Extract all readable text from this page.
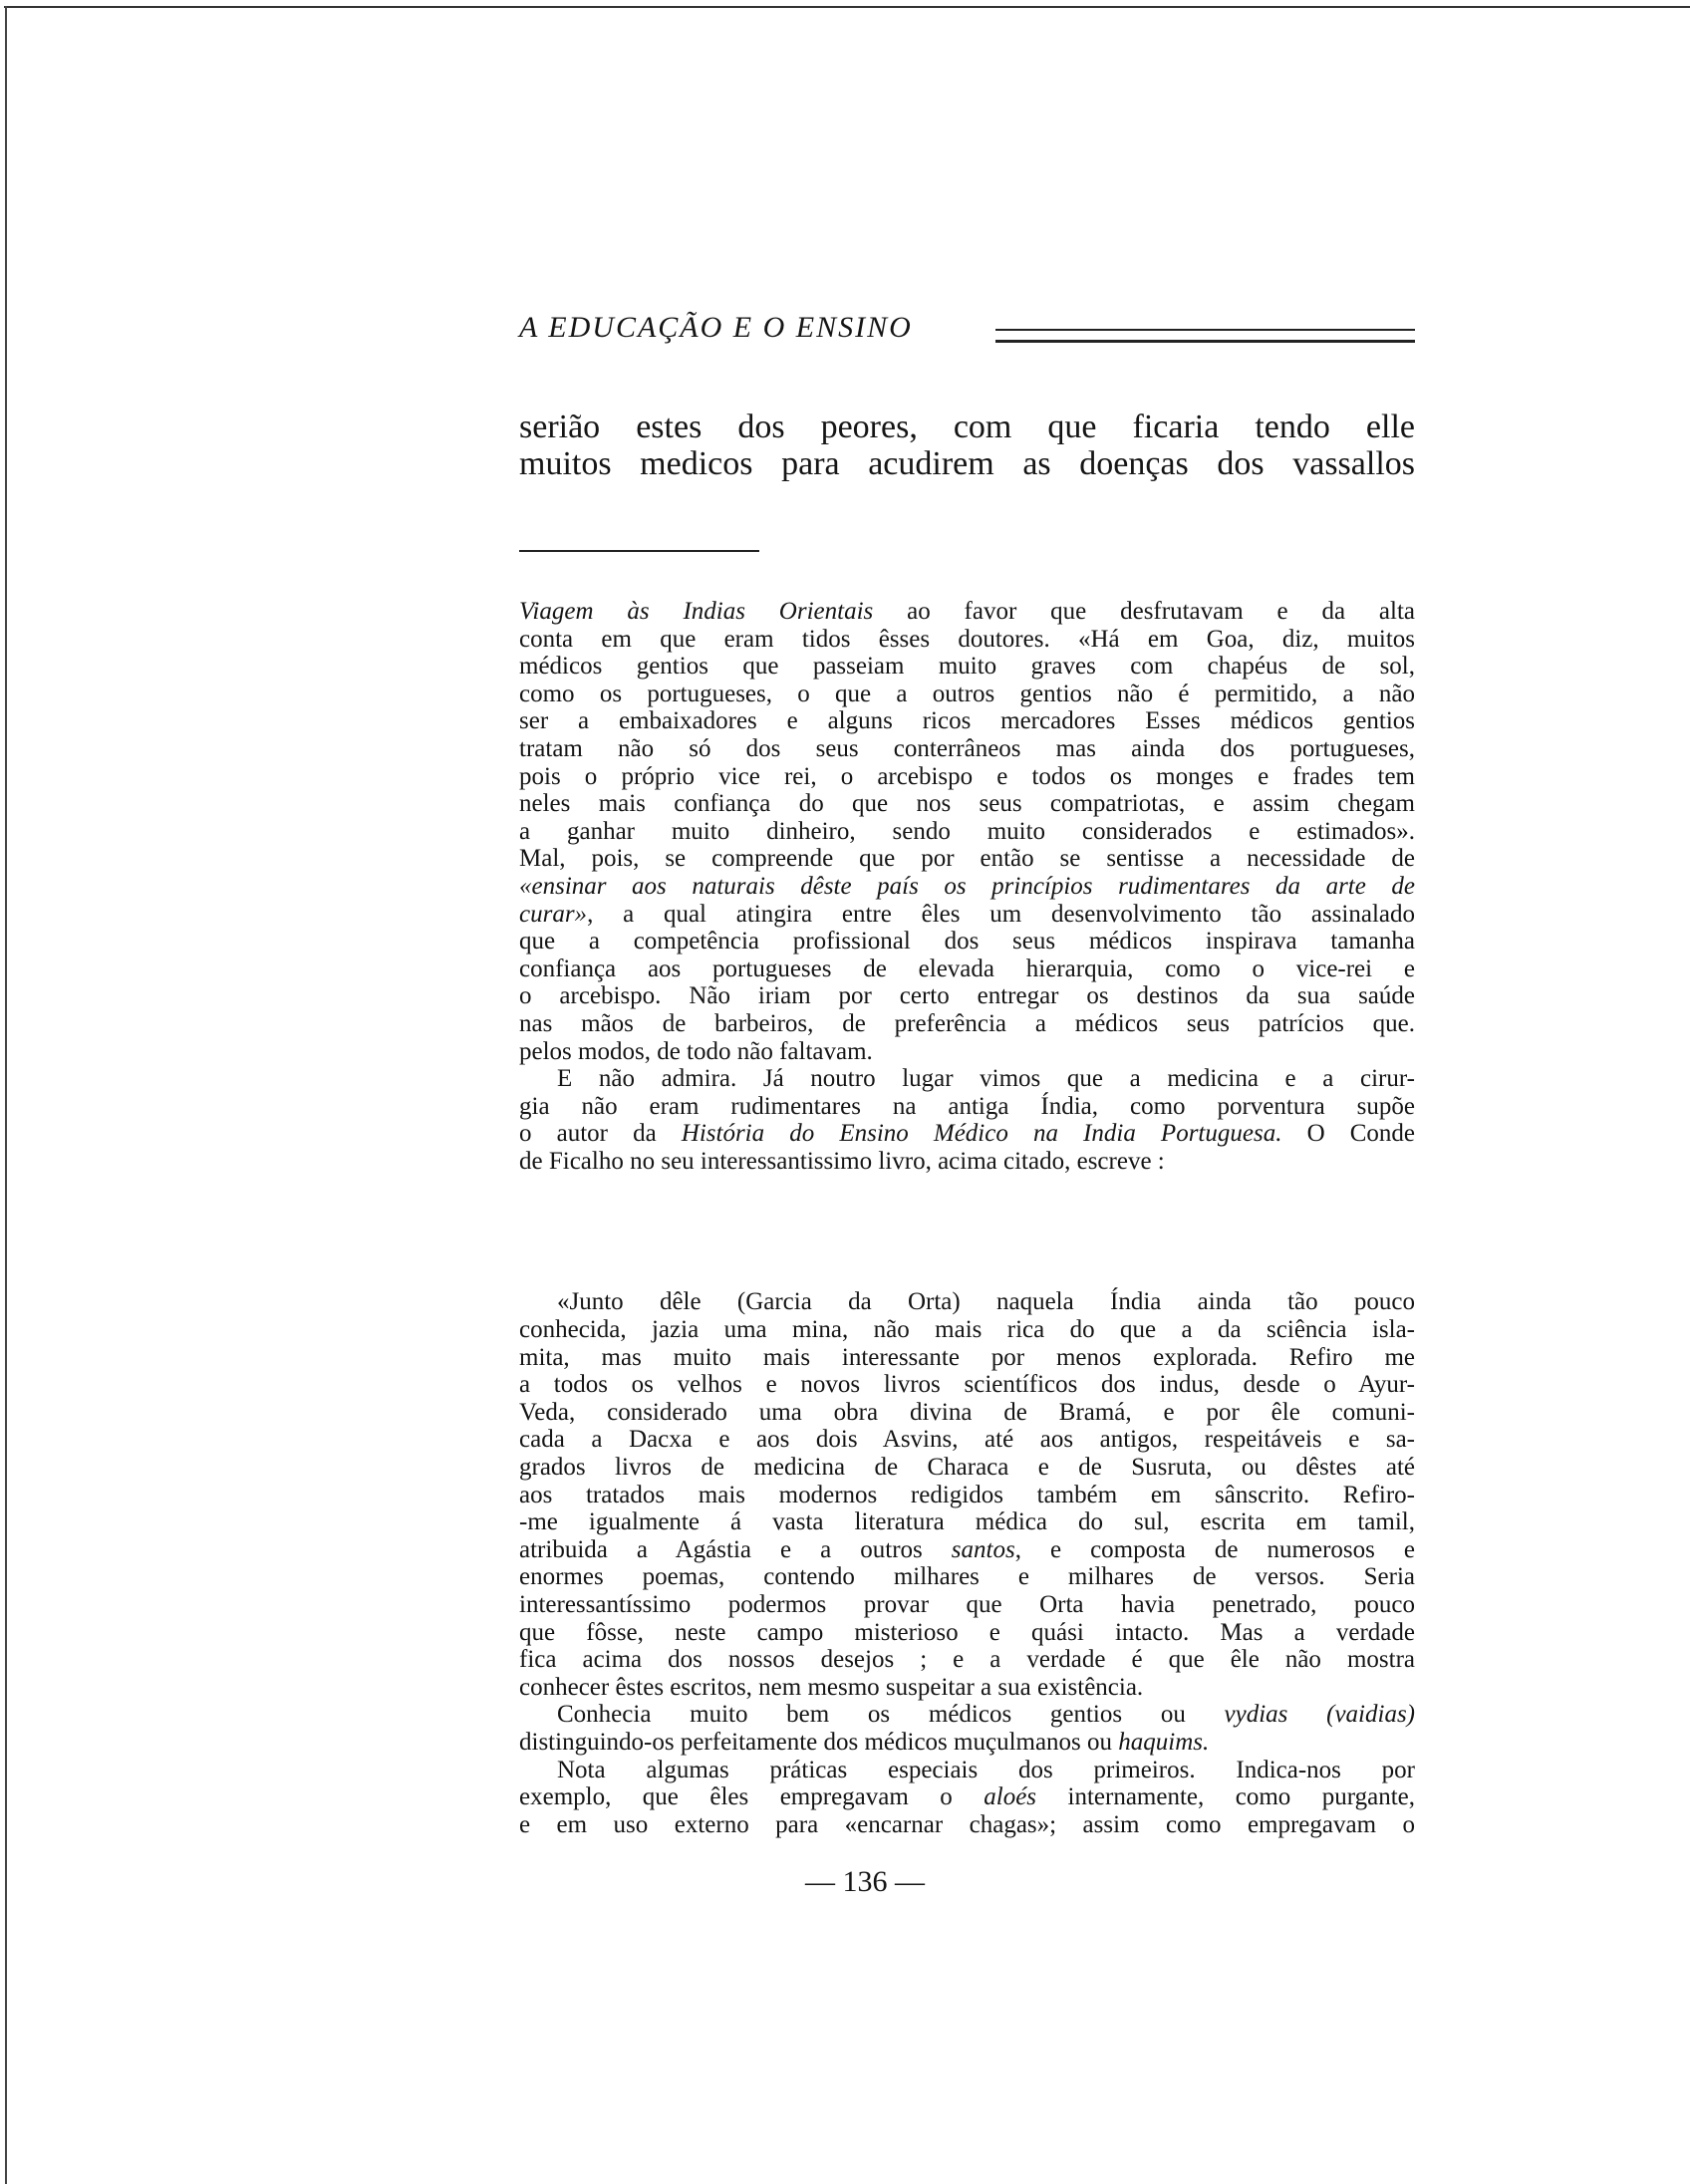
A EDUCAÇÃO E O ENSINO
serião estes dos peores, com que ficaria tendo elle
muitos medicos para acudirem as doenças dos vassallos
Viagem às Indias Orientais ao favor que desfrutavam e da alta
conta em que eram tidos êsses doutores. «Há em Goa, diz, muitos
médicos gentios que passeiam muito graves com chapéus de sol,
como os portugueses, o que a outros gentios não é permitido, a não
ser a embaixadores e alguns ricos mercadores Esses médicos gentios
tratam não só dos seus conterrâneos mas ainda dos portugueses,
pois o próprio vice rei, o arcebispo e todos os monges e frades tem
neles mais confiança do que nos seus compatriotas, e assim chegam
a ganhar muito dinheiro, sendo muito considerados e estimados».
Mal, pois, se compreende que por então se sentisse a necessidade de
«ensinar aos naturais dêste país os princípios rudimentares da arte de
curar», a qual atingira entre êles um desenvolvimento tão assinalado
que a competência profissional dos seus médicos inspirava tamanha
confiança aos portugueses de elevada hierarquia, como o vice-rei e
o arcebispo. Não iriam por certo entregar os destinos da sua saúde
nas mãos de barbeiros, de preferência a médicos seus patrícios que.
pelos modos, de todo não faltavam.
E não admira. Já noutro lugar vimos que a medicina e a cirur-
gia não eram rudimentares na antiga Índia, como porventura supõe
o autor da História do Ensino Médico na India Portuguesa. O Conde
de Ficalho no seu interessantissimo livro, acima citado, escreve :
«Junto dêle (Garcia da Orta) naquela Índia ainda tão pouco
conhecida, jazia uma mina, não mais rica do que a da sciência isla-
mita, mas muito mais interessante por menos explorada. Refiro me
a todos os velhos e novos livros scientíficos dos indus, desde o Ayur-
Veda, considerado uma obra divina de Bramá, e por êle comuni-
cada a Dacxa e aos dois Asvins, até aos antigos, respeitáveis e sa-
grados livros de medicina de Characa e de Susruta, ou dêstes até
aos tratados mais modernos redigidos também em sânscrito. Refiro-
-me igualmente á vasta literatura médica do sul, escrita em tamil,
atribuida a Agástia e a outros santos, e composta de numerosos e
enormes poemas, contendo milhares e milhares de versos. Seria
interessantíssimo podermos provar que Orta havia penetrado, pouco
que fôsse, neste campo misterioso e quási intacto. Mas a verdade
fica acima dos nossos desejos ; e a verdade é que êle não mostra
conhecer êstes escritos, nem mesmo suspeitar a sua existência.
Conhecia muito bem os médicos gentios ou vydias (vaidias)
distinguindo-os perfeitamente dos médicos muçulmanos ou haquims.
Nota algumas práticas especiais dos primeiros. Indica-nos por
exemplo, que êles empregavam o aloés internamente, como purgante,
e em uso externo para «encarnar chagas»; assim como empregavam o
— 136 —
